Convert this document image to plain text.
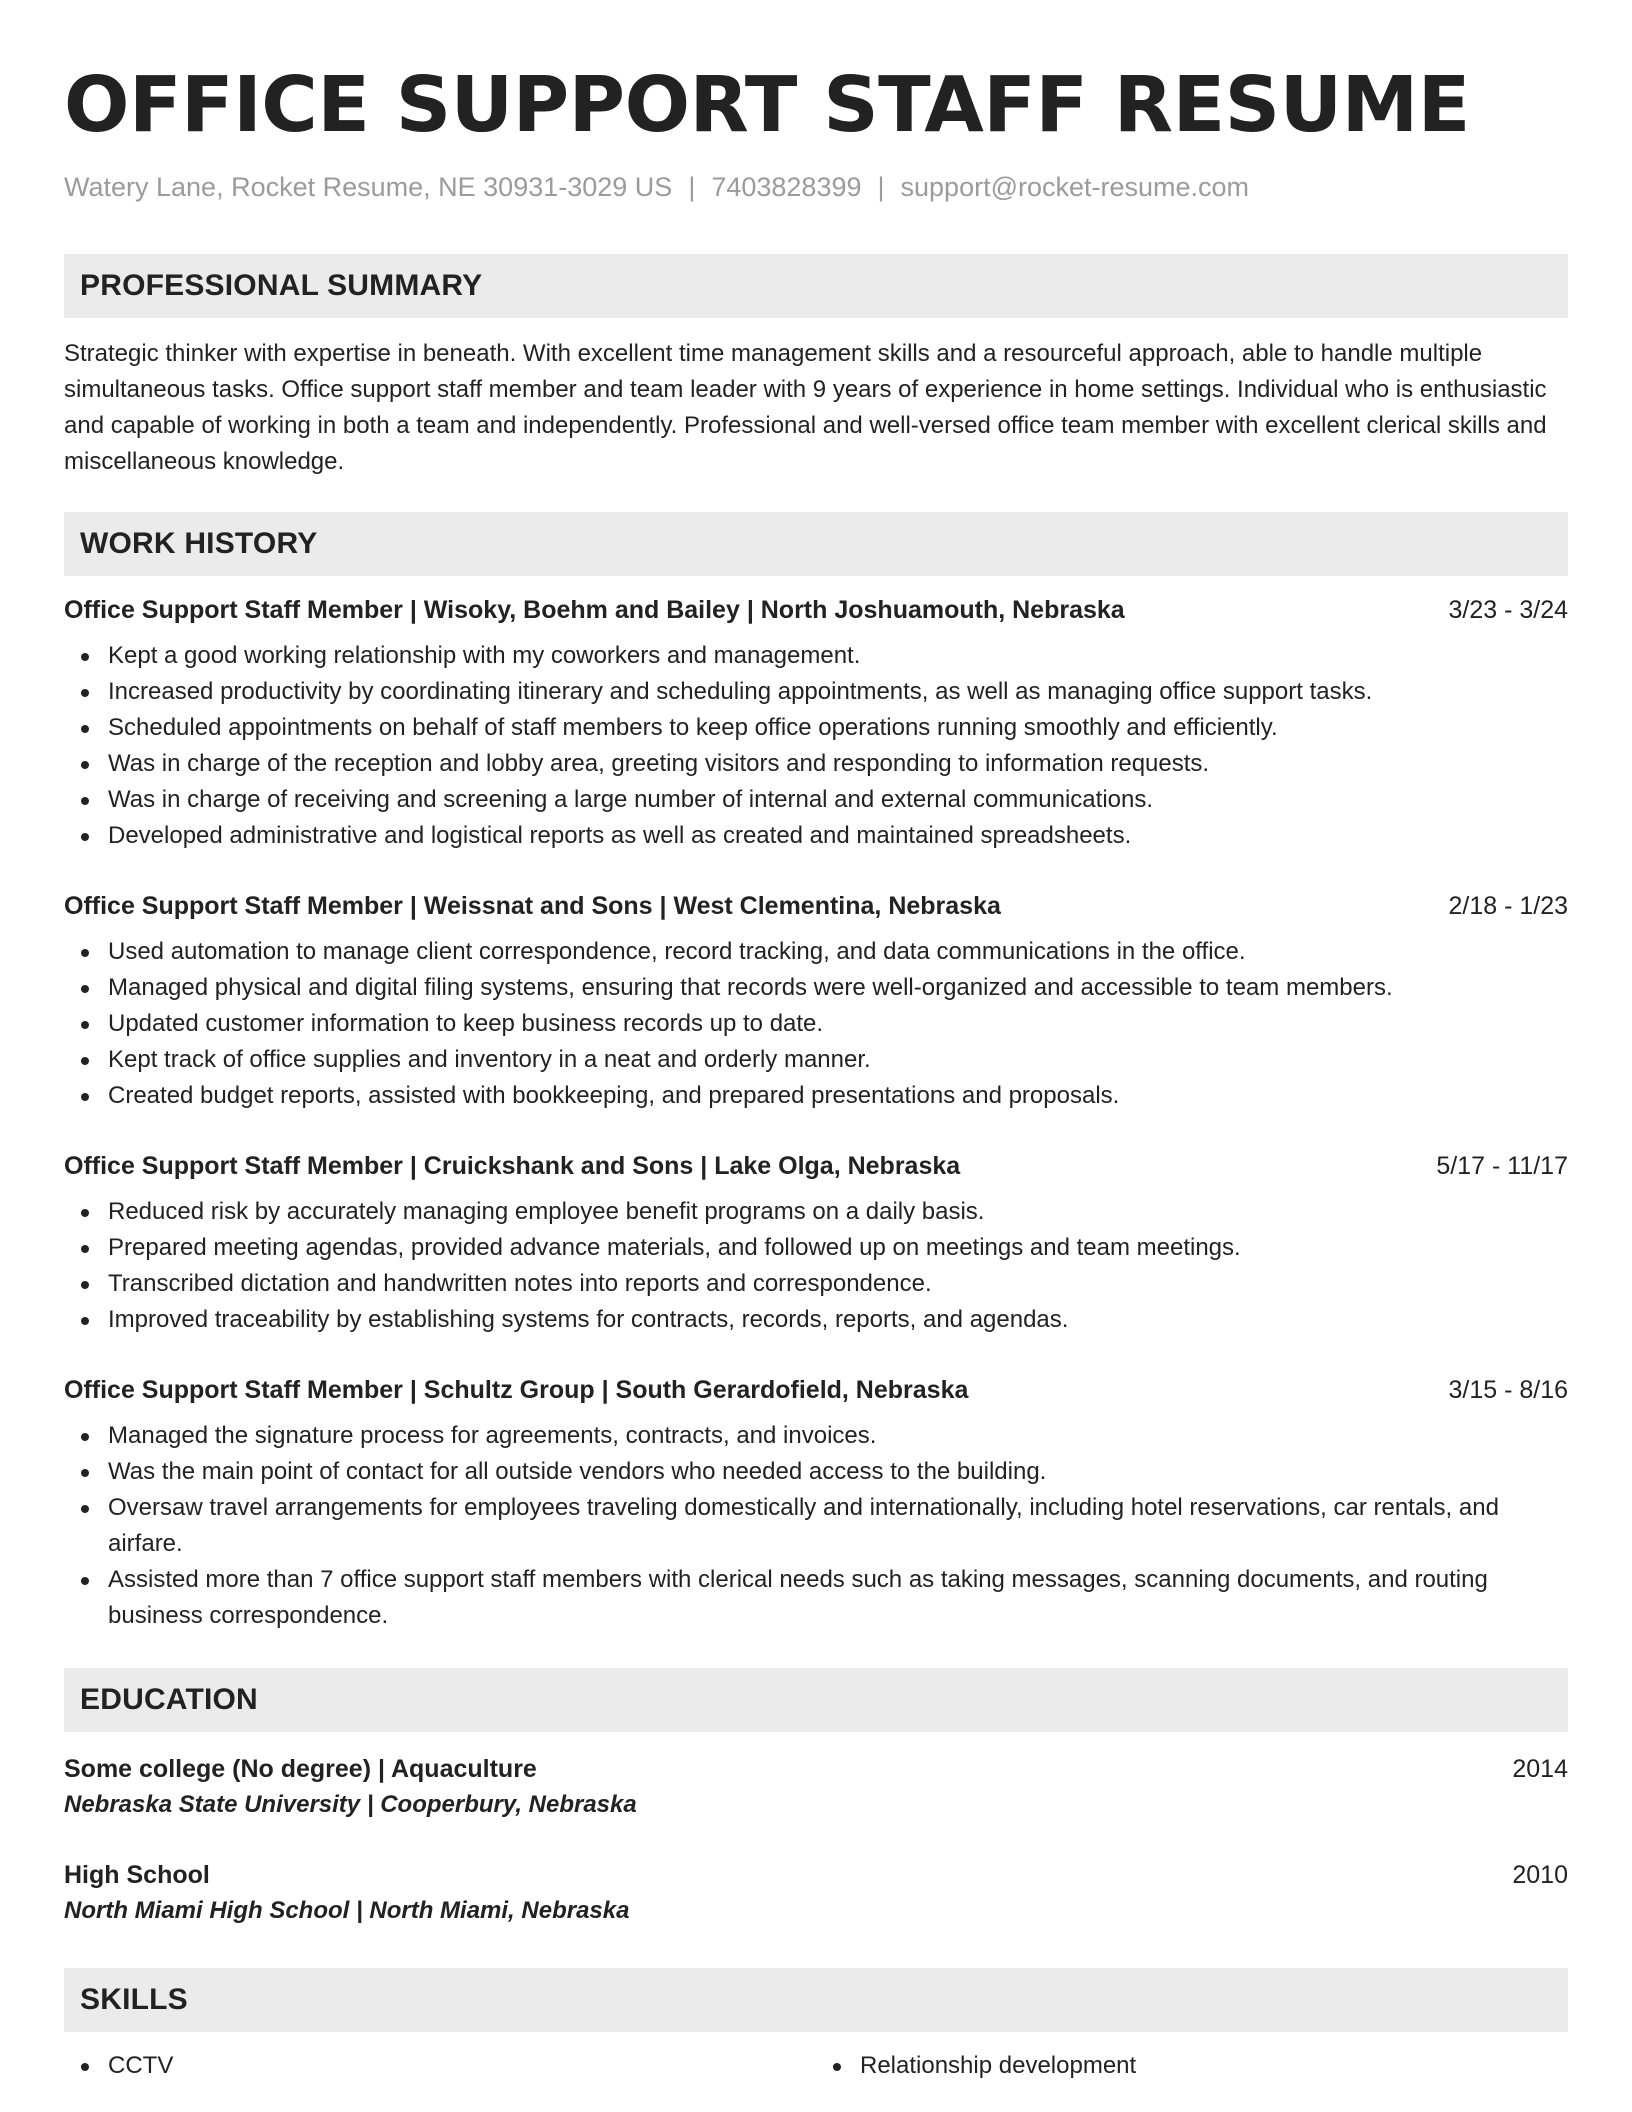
OFFICE SUPPORT STAFF RESUME
Watery Lane, Rocket Resume, NE 30931-3029 US | 7403828399 | support@rocket-resume.com
PROFESSIONAL SUMMARY

Strategic thinker with expertise in beneath. With excellent time management skills and a resourceful approach, able to handle multiple simultaneous tasks. Office support staff member and team leader with 9 years of experience in home settings. Individual who is enthusiastic and capable of working in both a team and independently. Professional and well-versed office team member with excellent clerical skills and miscellaneous knowledge.

WORK HISTORY
Office Support Staff Member | Wisoky, Boehm and Bailey | North Joshuamouth, Nebraska	3/23 - 3/24
Kept a good working relationship with my coworkers and management.
Increased productivity by coordinating itinerary and scheduling appointments, as well as managing office support tasks.
Scheduled appointments on behalf of staff members to keep office operations running smoothly and efficiently.
Was in charge of the reception and lobby area, greeting visitors and responding to information requests.
Was in charge of receiving and screening a large number of internal and external communications.
Developed administrative and logistical reports as well as created and maintained spreadsheets.
Office Support Staff Member | Weissnat and Sons | West Clementina, Nebraska	2/18 - 1/23
Used automation to manage client correspondence, record tracking, and data communications in the office.
Managed physical and digital filing systems, ensuring that records were well-organized and accessible to team members.
Updated customer information to keep business records up to date.
Kept track of office supplies and inventory in a neat and orderly manner.
Created budget reports, assisted with bookkeeping, and prepared presentations and proposals.
Office Support Staff Member | Cruickshank and Sons | Lake Olga, Nebraska	5/17 - 11/17
Reduced risk by accurately managing employee benefit programs on a daily basis.
Prepared meeting agendas, provided advance materials, and followed up on meetings and team meetings.
Transcribed dictation and handwritten notes into reports and correspondence.
Improved traceability by establishing systems for contracts, records, reports, and agendas.
Office Support Staff Member | Schultz Group | South Gerardofield, Nebraska	3/15 - 8/16
Managed the signature process for agreements, contracts, and invoices.
Was the main point of contact for all outside vendors who needed access to the building.
Oversaw travel arrangements for employees traveling domestically and internationally, including hotel reservations, car rentals, and airfare.
Assisted more than 7 office support staff members with clerical needs such as taking messages, scanning documents, and routing business correspondence.
EDUCATION
Some college (No degree) | Aquaculture	2014
Nebraska State University | Cooperbury, Nebraska
High School	2010
North Miami High School | North Miami, Nebraska
SKILLS
CCTV	Relationship development
